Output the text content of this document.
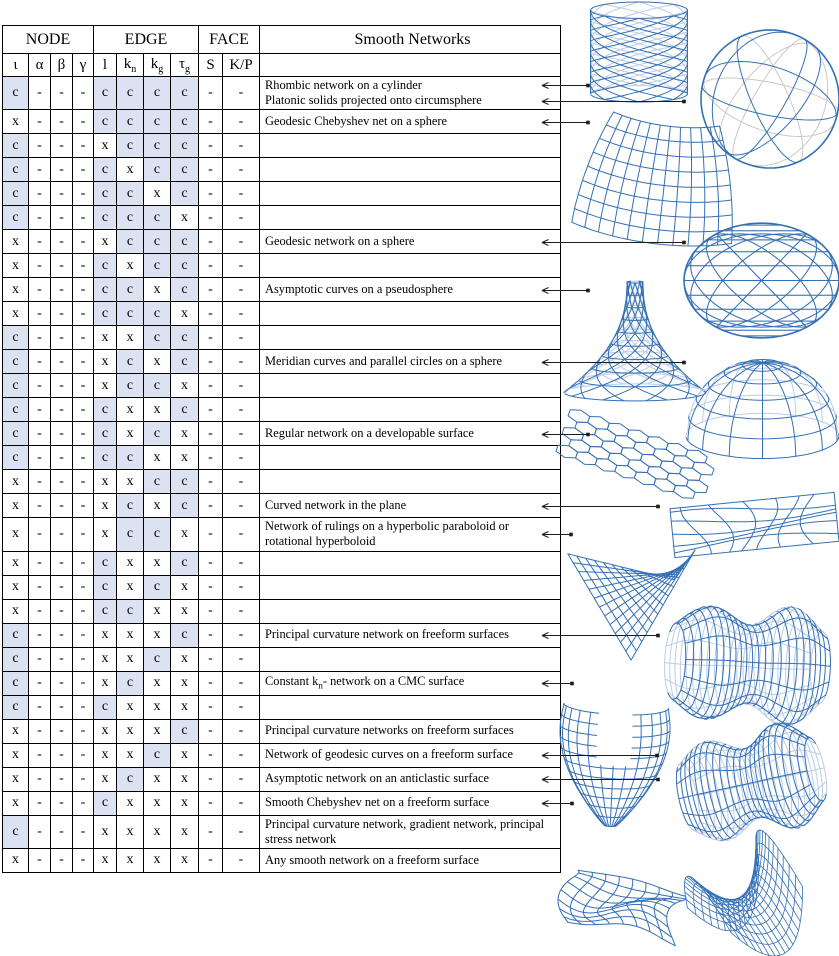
NODE				EDGE				FACE		Smooth Networks
ι	α	β	γ	l	$k_n$	$k_g$	$\tau_g$	S	K/P	
c	-	-	-	c	c	c	c	-	-	Rhombic network on a cylinder
Platonic solids projected onto circumsphere
x	-	-	-	c	c	c	c	-	-	Geodesic Chebyshev net on a sphere
c	-	-	-	x	c	c	c	-	-	
c	-	-	-	c	x	c	c	-	-	
c	-	-	-	c	c	x	c	-	-	
c	-	-	-	c	c	c	x	-	-	
x	-	-	-	x	c	c	c	-	-	Geodesic network on a sphere
x	-	-	-	c	x	c	c	-	-	
x	-	-	-	c	c	x	c	-	-	Asymptotic curves on a pseudosphere
x	-	-	-	c	c	c	x	-	-	
c	-	-	-	x	x	c	c	-	-	
c	-	-	-	x	c	x	c	-	-	Meridian curves and parallel circles on a sphere
c	-	-	-	x	c	c	x	-	-	
c	-	-	-	c	x	x	c	-	-	
c	-	-	-	c	x	c	x	-	-	Regular network on a developable surface
c	-	-	-	c	c	x	x	-	-	
x	-	-	-	x	x	c	c	-	-	
x	-	-	-	x	c	x	c	-	-	Curved network in the plane
x	-	-	-	x	c	c	x	-	-	Network of rulings on a hyperbolic paraboloid or rotational hyperboloid
x	-	-	-	c	x	x	c	-	-	
x	-	-	-	c	x	c	x	-	-	
x	-	-	-	c	c	x	x	-	-	
c	-	-	-	x	x	x	c	-	-	Principal curvature network on freeform surfaces
c	-	-	-	x	x	c	x	-	-	
c	-	-	-	x	c	x	x	-	-	Constant $k_n-$ network on a CMC surface
c	-	-	-	c	x	x	x	-	-	
x	-	-	-	x	x	x	c	-	-	Principal curvature networks on freeform surfaces
x	-	-	-	x	x	c	x	-	-	Network of geodesic curves on a freeform surface
x	-	-	-	x	c	x	x	-	-	Asymptotic network on an anticlastic surface
x	-	-	-	c	x	x	x	-	-	Smooth Chebyshev net on a freeform surface
c	-	-	-	x	x	x	x	-	-	Principal curvature network, gradient network, principal stress network
x	-	-	-	x	x	x	x	-	-	Any smooth network on a freeform surface
